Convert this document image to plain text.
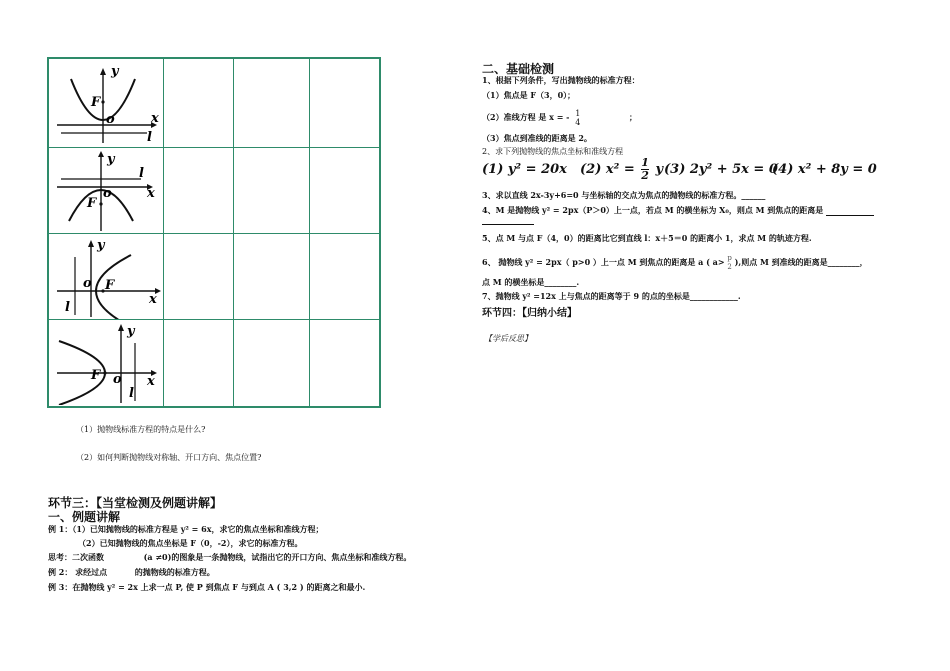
y
F
o	x
l
y
F
o	x
l
y
o F
x
l
y
F o x
l
（1）抛物线标准方程的特点是什么?
（2）如何判断抛物线对称轴、开口方向、焦点位置?
环节三：【当堂检测及例题讲解】
一、例题讲解
例 1：（1）已知抛物线的标准方程是 y² = 6x，求它的焦点坐标和准线方程；
（2）已知抛物线的焦点坐标是 F（0，-2），求它的标准方程。
思考：二次函数	(a ≠0)的图象是一条抛物线，试指出它的开口方向、焦点坐标和准线方程。
例 2： 求经过点	的抛物线的标准方程。
例 3：在抛物线 y² = 2x 上求一点 P, 使 P 到焦点 F 与到点 A ( 3,2 ) 的距离之和最小.
二、基础检测
1、根据下列条件，写出抛物线的标准方程：
（1）焦点是 F（3，0）；
（2）准线方程 是 x = - 1
4
；
（3）焦点到准线的距离是 2。
2、求下列抛物线的焦点坐标和准线方程
(1) y² = 20x (2) $x^2 = \frac{1}{2}$ y (3) 2y² + 5x = 0
(4) x² + 8y = 0
3、求以直线 2x-3y+6=0 与坐标轴的交点为焦点的抛物线的标准方程。______
4、M 是抛物线 y² = 2px（P＞0）上一点，若点 M 的横坐标为 X₀，则点 M 到焦点的距离是
5、点 M 与点 F（4，0）的距离比它到直线 l：x＋5＝0 的距离小 1，求点 M 的轨迹方程.
6、 抛物线 y² = 2px（ p>0 ）上一点 M 到焦点的距离是 a ( a> p
2 ),则点 M 到准线的距离是________，
点 M 的横坐标是________.
7、抛物线 y² =12x 上与焦点的距离等于 9 的点的坐标是____________.
环节四：【归纳小结】
【学后反思】
